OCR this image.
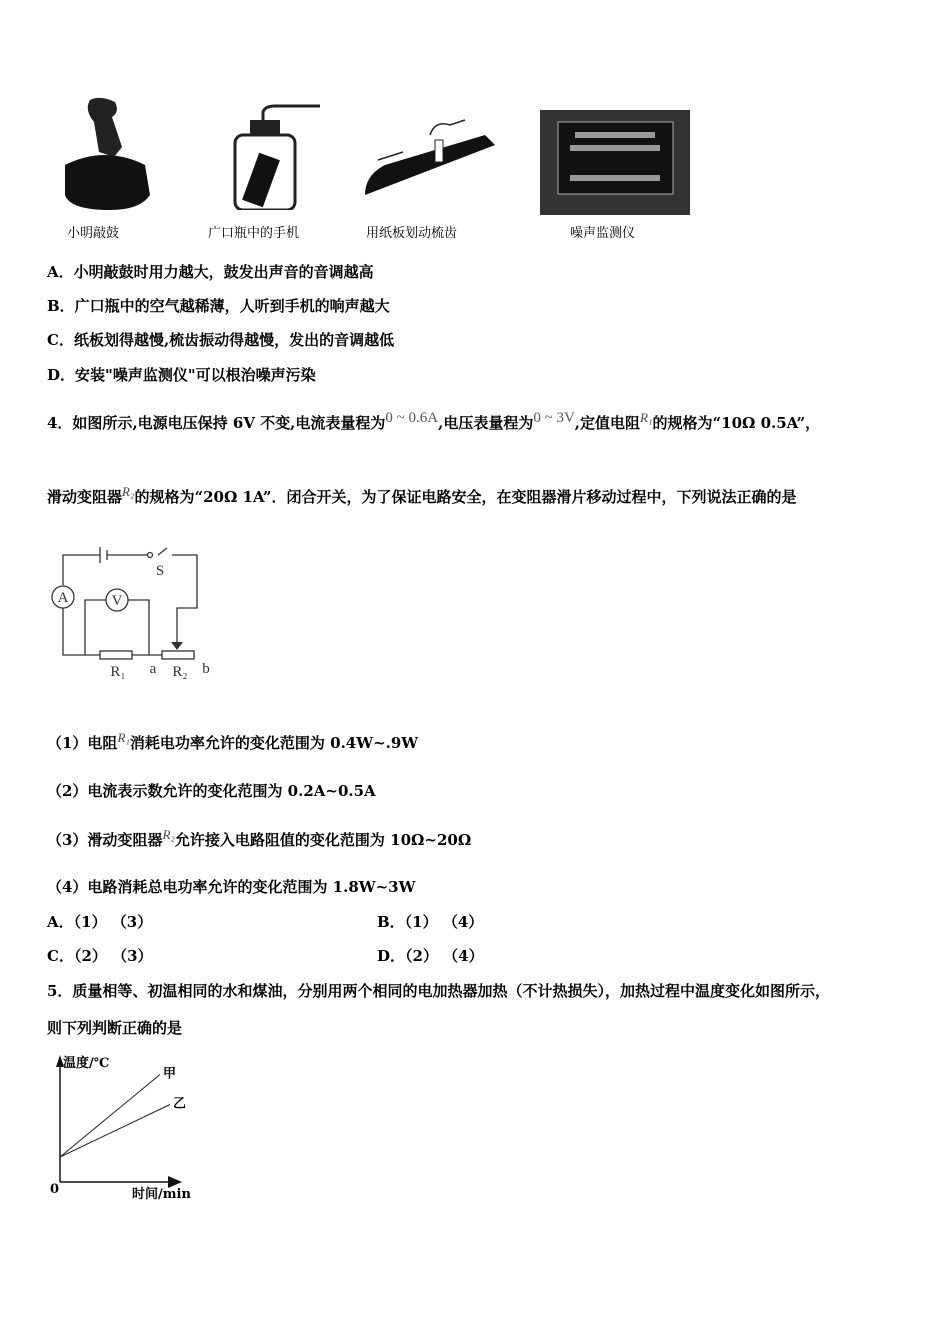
小明敲鼓	广口瓶中的手机	用纸板划动梳齿	噪声监测仪
A．小明敲鼓时用力越大，鼓发出声音的音调越高
B．广口瓶中的空气越稀薄，人听到手机的响声越大
C．纸板划得越慢,梳齿振动得越慢，发出的音调越低
D．安装"噪声监测仪"可以根治噪声污染
4．如图所示,电源电压保持 6V 不变,电流表量程为0 ~ 0.6A,电压表量程为0 ~ 3V,定值电阻R₁的规格为“10Ω 0.5A”，
滑动变阻器R₂的规格为“20Ω 1A”．闭合开关，为了保证电路安全，在变阻器滑片移动过程中，下列说法正确的是
A	V
S
R₁ a R₂ b
（1）电阻R₁消耗电功率允许的变化范围为 0.4W~.9W
（2）电流表示数允许的变化范围为 0.2A~0.5A
（3）滑动变阻器R₂允许接入电路阻值的变化范围为 10Ω~20Ω
（4）电路消耗总电功率允许的变化范围为 1.8W~3W
A．（1） （3）	B．（1） （4）
C．（2） （3）	D．（2） （4）
5．质量相等、初温相同的水和煤油，分别用两个相同的电加热器加热（不计热损失），加热过程中温度变化如图所示，
则下列判断正确的是
温度/℃
时间/min
0
甲
乙
